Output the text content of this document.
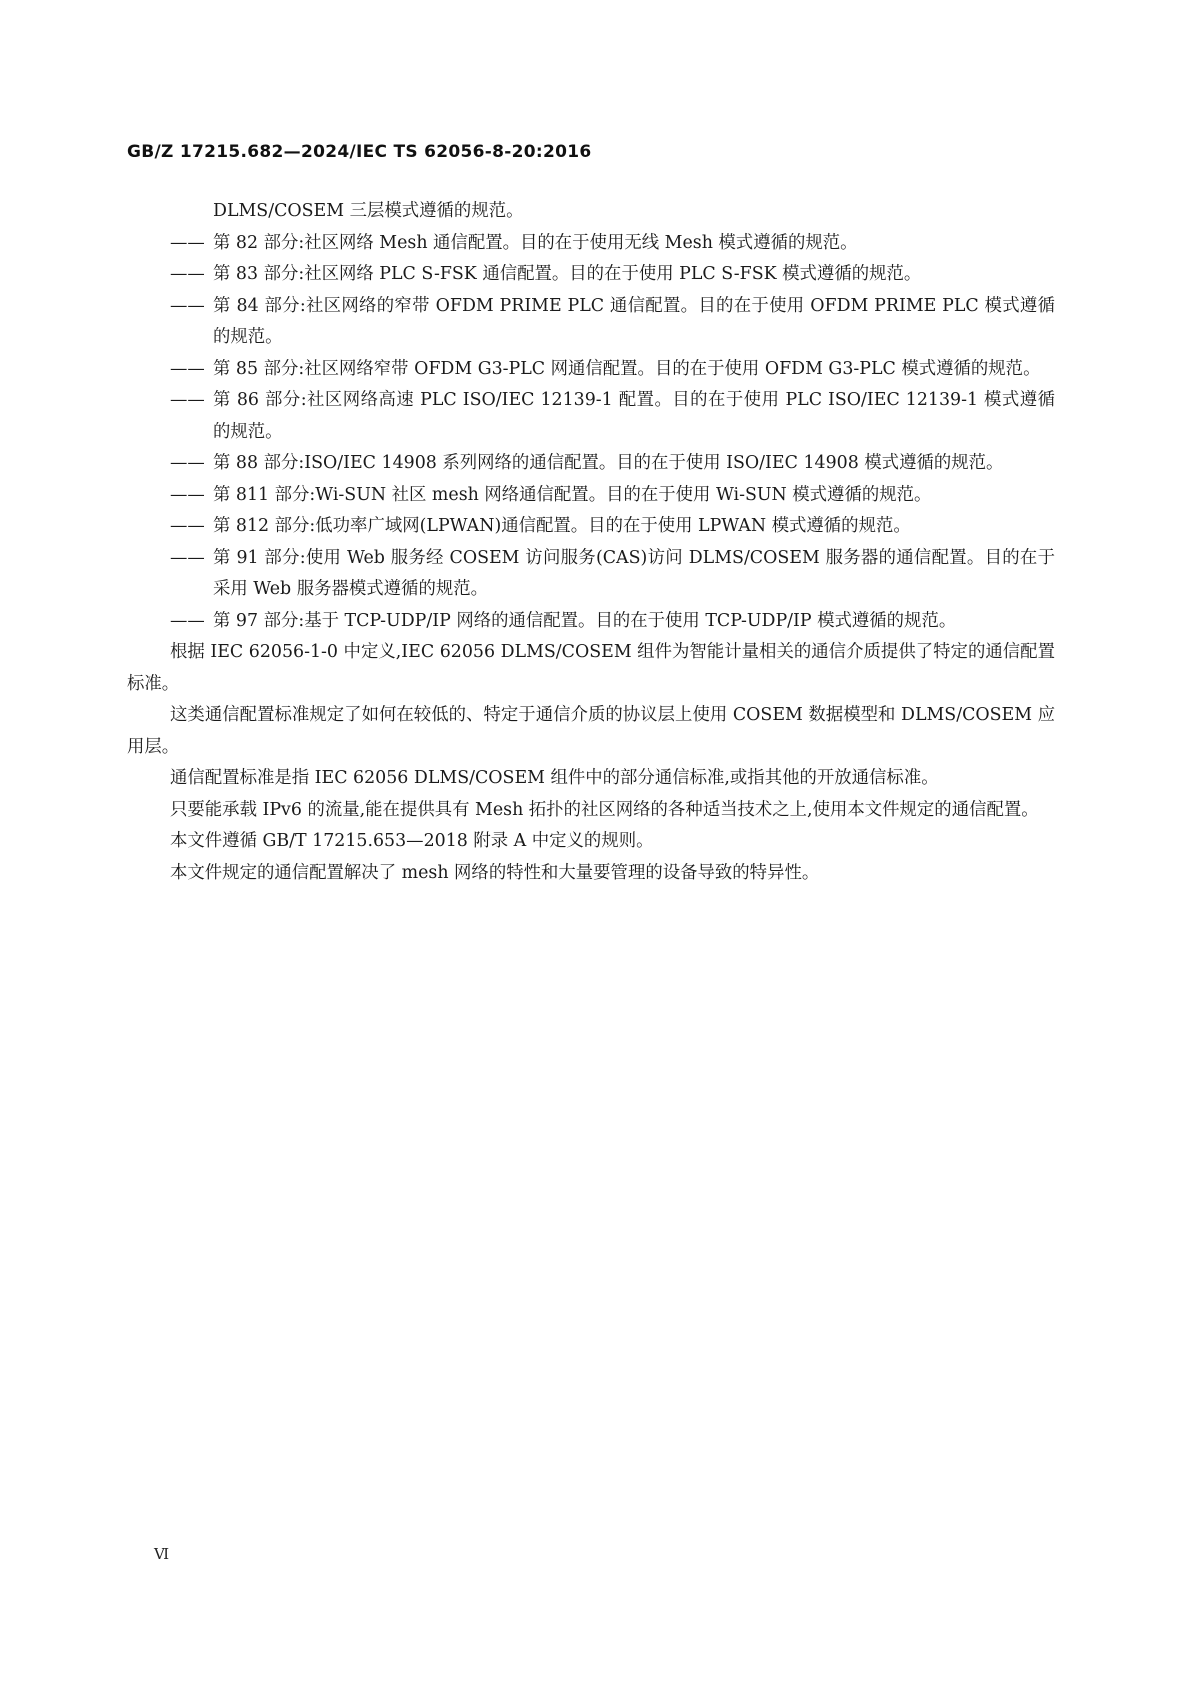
GB/Z 17215.682—2024/IEC TS 62056-8-20:2016
DLMS/COSEM 三层模式遵循的规范。
—— 第 82 部分:社区网络 Mesh 通信配置。目的在于使用无线 Mesh 模式遵循的规范。
—— 第 83 部分:社区网络 PLC S-FSK 通信配置。目的在于使用 PLC S-FSK 模式遵循的规范。
—— 第 84 部分:社区网络的窄带 OFDM PRIME PLC 通信配置。目的在于使用 OFDM PRIME PLC 模式遵循的规范。
—— 第 85 部分:社区网络窄带 OFDM G3-PLC 网通信配置。目的在于使用 OFDM G3-PLC 模式遵循的规范。
—— 第 86 部分:社区网络高速 PLC ISO/IEC 12139-1 配置。目的在于使用 PLC ISO/IEC 12139-1 模式遵循的规范。
—— 第 88 部分:ISO/IEC 14908 系列网络的通信配置。目的在于使用 ISO/IEC 14908 模式遵循的规范。
—— 第 811 部分:Wi-SUN 社区 mesh 网络通信配置。目的在于使用 Wi-SUN 模式遵循的规范。
—— 第 812 部分:低功率广域网(LPWAN)通信配置。目的在于使用 LPWAN 模式遵循的规范。
—— 第 91 部分:使用 Web 服务经 COSEM 访问服务(CAS)访问 DLMS/COSEM 服务器的通信配置。目的在于采用 Web 服务器模式遵循的规范。
—— 第 97 部分:基于 TCP-UDP/IP 网络的通信配置。目的在于使用 TCP-UDP/IP 模式遵循的规范。
根据 IEC 62056-1-0 中定义,IEC 62056 DLMS/COSEM 组件为智能计量相关的通信介质提供了特定的通信配置标准。
这类通信配置标准规定了如何在较低的、特定于通信介质的协议层上使用 COSEM 数据模型和 DLMS/COSEM 应用层。
通信配置标准是指 IEC 62056 DLMS/COSEM 组件中的部分通信标准,或指其他的开放通信标准。
只要能承载 IPv6 的流量,能在提供具有 Mesh 拓扑的社区网络的各种适当技术之上,使用本文件规定的通信配置。
本文件遵循 GB/T 17215.653—2018 附录 A 中定义的规则。
本文件规定的通信配置解决了 mesh 网络的特性和大量要管理的设备导致的特异性。
Ⅵ
